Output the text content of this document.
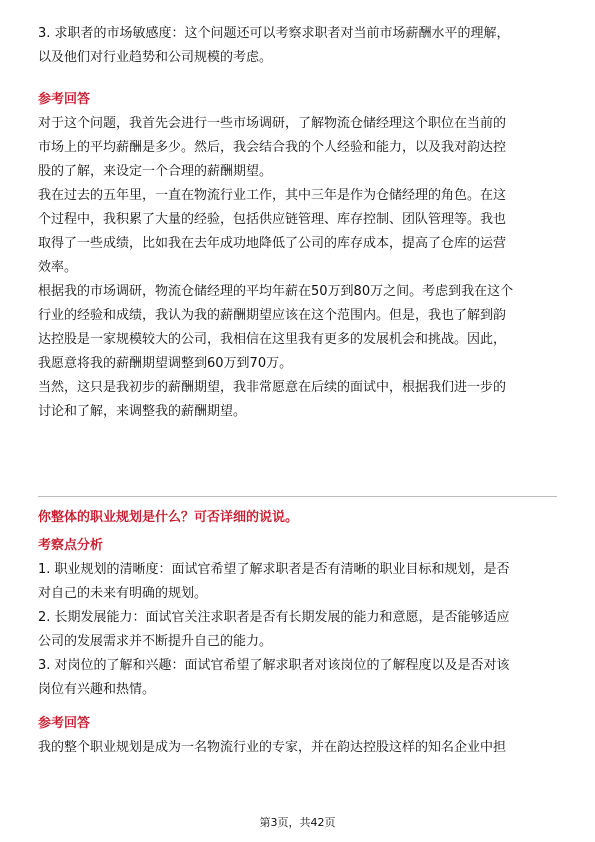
3. 求职者的市场敏感度：这个问题还可以考察求职者对当前市场薪酬水平的理解，

以及他们对行业趋势和公司规模的考虑。

参考回答

对于这个问题，我首先会进行一些市场调研，了解物流仓储经理这个职位在当前的

市场上的平均薪酬是多少。然后，我会结合我的个人经验和能力，以及我对韵达控

股的了解，来设定一个合理的薪酬期望。

我在过去的五年里，一直在物流行业工作，其中三年是作为仓储经理的角色。在这

个过程中，我积累了大量的经验，包括供应链管理、库存控制、团队管理等。我也

取得了一些成绩，比如我在去年成功地降低了公司的库存成本，提高了仓库的运营

效率。

根据我的市场调研，物流仓储经理的平均年薪在50万到80万之间。考虑到我在这个

行业的经验和成绩，我认为我的薪酬期望应该在这个范围内。但是，我也了解到韵

达控股是一家规模较大的公司，我相信在这里我有更多的发展机会和挑战。因此，

我愿意将我的薪酬期望调整到60万到70万。

当然，这只是我初步的薪酬期望，我非常愿意在后续的面试中，根据我们进一步的

讨论和了解，来调整我的薪酬期望。

你整体的职业规划是什么？可否详细的说说。

考察点分析

1. 职业规划的清晰度：面试官希望了解求职者是否有清晰的职业目标和规划，是否

对自己的未来有明确的规划。

2. 长期发展能力：面试官关注求职者是否有长期发展的能力和意愿，是否能够适应

公司的发展需求并不断提升自己的能力。

3. 对岗位的了解和兴趣：面试官希望了解求职者对该岗位的了解程度以及是否对该

岗位有兴趣和热情。

参考回答

我的整个职业规划是成为一名物流行业的专家，并在韵达控股这样的知名企业中担

第3页，共42页
